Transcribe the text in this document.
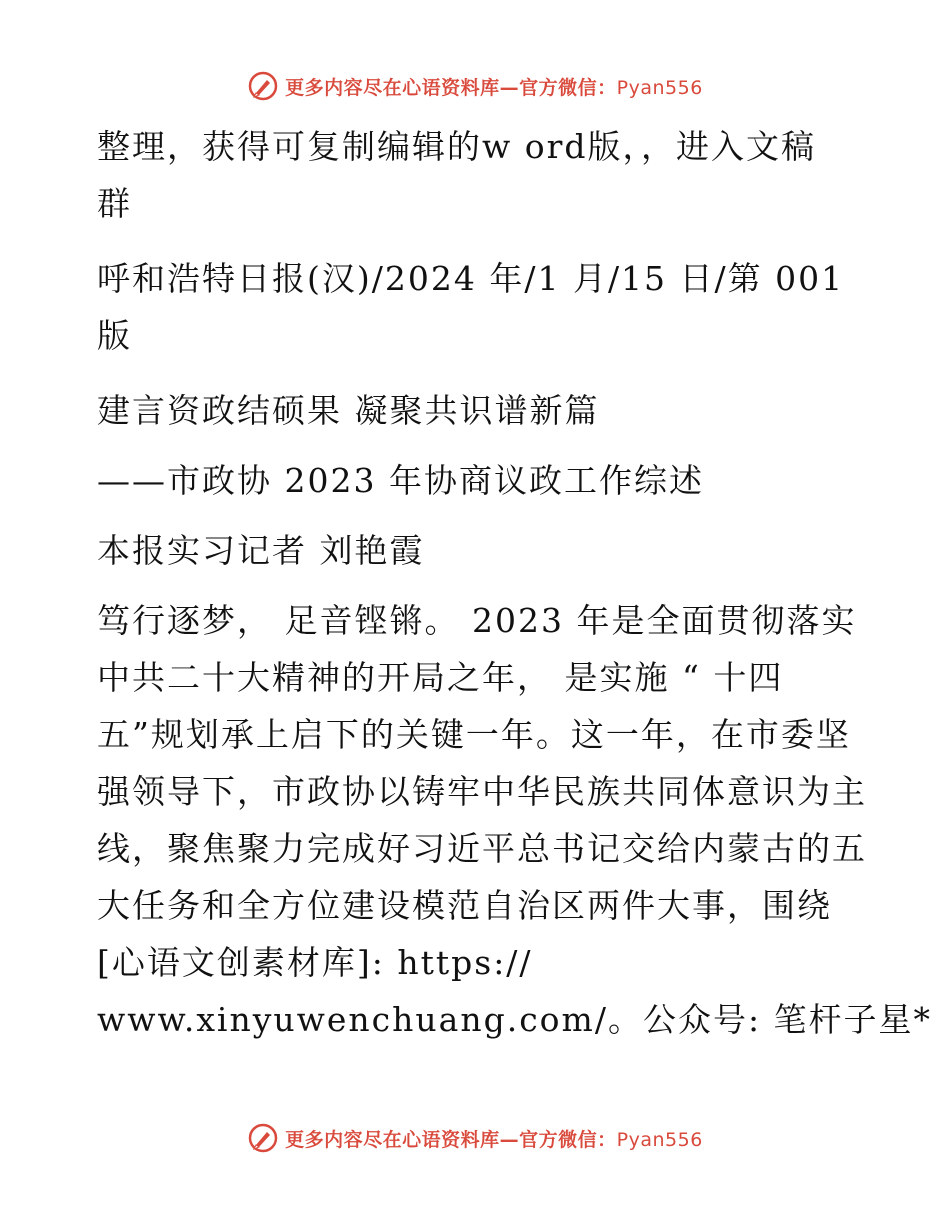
更多内容尽在心语资料库—官方微信：Pyan556
整理，获得可复制编辑的w ord版，，进入文稿
群
呼和浩特日报(汉)/2024 年/1 月/15 日/第 001
版
建言资政结硕果 凝聚共识谱新篇
——市政协 2023 年协商议政工作综述
本报实习记者 刘艳霞
笃行逐梦， 足音铿锵。 2023 年是全面贯彻落实
中共二十大精神的开局之年， 是实施 “ 十四
五”规划承上启下的关键一年。这一年，在市委坚
强领导下，市政协以铸牢中华民族共同体意识为主
线，聚焦聚力完成好习近平总书记交给内蒙古的五
大任务和全方位建设模范自治区两件大事，围绕
[心语文创素材库]: https://
www.xinyuwenchuang.com/。公众号: 笔杆子星*
更多内容尽在心语资料库—官方微信：Pyan556
